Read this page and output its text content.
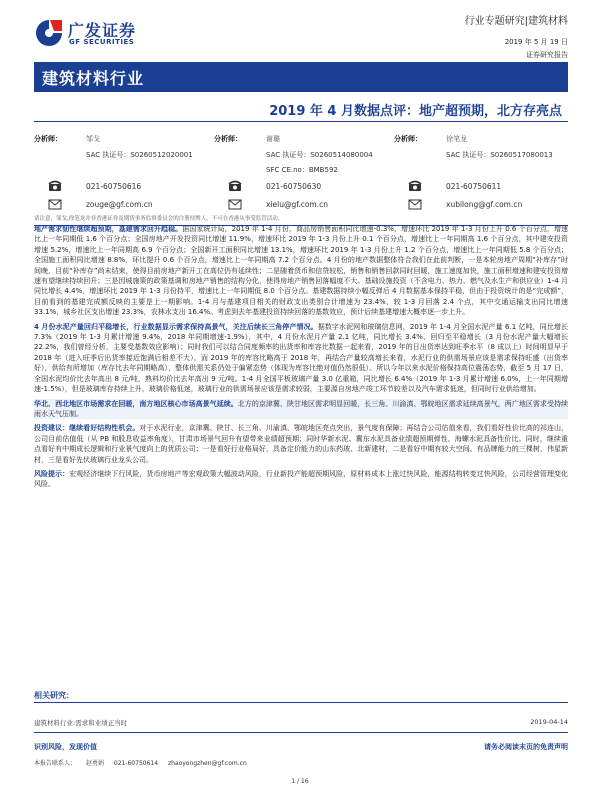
广发证券
GF SECURITIES
行业专题研究|建筑材料
2019 年 5 月 19 日
证券研究报告
建筑材料行业
2019 年 4 月数据点评：地产超预期，北方存亮点
分析师：	邹戈
SAC 执证号：S0260512020001
021-60750616
zouge@gf.com.cn
分析师：	谢璐
SAC 执证号：S0260514080004
SFC CE.no：BMB592
021-60750630
xielu@gf.com.cn
分析师：	徐笔龙
SAC 执证号：S0260517080013
021-60750611
xubilong@gf.com.cn
请注意，邹戈,徐笔龙并非香港证券及期货事务监察委员会的注册持牌人，不可在香港从事受监管活动。

地产需求韧性继续超预期，基建需求回升趋稳。据国家统计局，2019 年 1-4 月份，商品房销售面积同比增速-0.3%，增速环比 2019 年 1-3 月份上升 0.6 个百分点，增速比上一年同期低 1.6 个百分点；全国房地产开发投资同比增速 11.9%，增速环比 2019 年 1-3 月份上升 0.1 个百分点，增速比上一年同期高 1.6 个百分点，其中建安投资增速 5.2%，增速比上一年同期高 6.9 个百分点；全国新开工面积同比增速 13.1%，增速环比 2019 年 1-3 月份上升 1.2 个百分点，增速比上一年同期低 5.8 个百分点；全国施工面积同比增速 8.8%，环比提升 0.6 个百分点，增速比上一年同期高 7.2 个百分点。4 月份的地产数据整体符合我们在此前判断，一是本轮房地产周期“补库存”时间晚，目前“补库存”尚未结束，使得目前房地产新开工在高位仍有延续性；二是随着货币和信贷较松，销售和销售回款同时回暖，施工速度加快，施工面积增速和建安投资增速有望继续持续回升；三是因城施策的政策基调和房地产销售的结构分化，使得房地产销售回落幅度不大。基础设施投资（不含电力、热力、燃气及水生产和供应业）1-4 月同比增长 4.4%，增速环比 2019 年 1-3 月份持平，增速比上一年同期低 8.0 个百分点。基建数据持续小幅反弹后 4 月数据基本保持平稳，但由于投资统计的是“完成额”，目前看到的基建完成额反映的主要是上一期影响。1-4 月与基建项目相关的财政支出类别合计增速为 23.4%，较 1-3 月回落 2.4 个点，其中交通运输支出同比增速 33.1%，城乡社区支出增速 23.3%，农林水支出 16.4%。考虑到去年基建投资持续回落的基数效应，预计后续基建增速大概率逐一步上升。

4 月份水泥产量回归平稳增长，行业数据显示需求保持高景气，关注后续长三角停产情况。据数字水泥网和玻璃信息网，2019 年 1-4 月全国水泥产量 6.1 亿吨，同比增长 7.3%（2019 年 1-3 月累计增速 9.4%，2018 年同期增速-1.9%），其中，4 月份水泥月产量 2.1 亿吨，同比增长 3.4%，回归至平稳增长（3 月份水泥产量大幅增长 22.2%，我们曾经分析，主要受基数效应影响）；同时我们可以结合同度频率的出货率和库容比数据一起来看，2019 年的日出货率达到旺季水平（8 成以上）时间明显早于 2018 年（进入旺季后出货率接近饱满后相差不大），而 2019 年的库容比略高于 2018 年，再结合产量较高增长来看，水泥行业的供需场景应该是需求保持旺盛（出货率好），供给有所增加（库存比去年同期略高），整体供需关系仍处于偏紧态势（体现为库容比绝对值仍然很低）。所以今年以来水泥价格保持高位震荡态势，截至 5 月 17 日，全国水泥均价比去年高出 8 元/吨，熟料均价比去年高出 9 元/吨。1-4 月全国平板玻璃产量 3.0 亿重箱，同比增长 6.4%（2019 年 1-3 月累计增速 6.0%，上一年同期增速-1.5%），但是玻璃库存持续上升，玻璃价格低迷，玻璃行业的供需场景应该是需求较弱，主要源自房地产竣工环节较差以及汽车需求低迷，但同时行业供给增加。

华北、西北地区市场需求在回暖，南方地区核心市场高景气延续。北方的京津冀、陕甘地区需求明显回暖，长三角、川渝滇、鄂皖地区需求延续高景气，两广地区需求受持续雨水天气压制。

投资建议：继续看好结构性机会。对于水泥行业，京津冀、陕甘、长三角、川渝滇、鄂皖地区亮点突出，景气度有保障；再结合公司估值来看，我们看好性价比高的祁连山，公司目前估值低（从 PB 和股息收益率角度），甘肃市场景气回升有望带来业绩超预期；同时华新水泥、冀东水泥具备业绩超预期弹性，海螺水泥具备性价比。同时，继续重点看好有中期成长逻辑和行业景气度向上的优质公司；一是看好行业格局好、具备定价能力的山东药玻、北新建材，二是看好中期有较大空间、有品牌能力的三棵树、伟星新材，三是看好先伏玻璃行业龙头公司。

风险提示：宏观经济继续下行风险，货币房地产等宏观政策大幅波动风险，行业新投产能超预期风险，原材料成本上涨过快风险，能源结构转变过快风险，公司经营管理变化风险。

相关研究：
建筑材料行业:需求和业绩正当时	2019-04-14
识别风险，发现价值	请务必阅读末页的免责声明
本报告联系人： 赵勇娟 021-60750614 zhaoyongzhen@gf.com.cn
1 / 16
